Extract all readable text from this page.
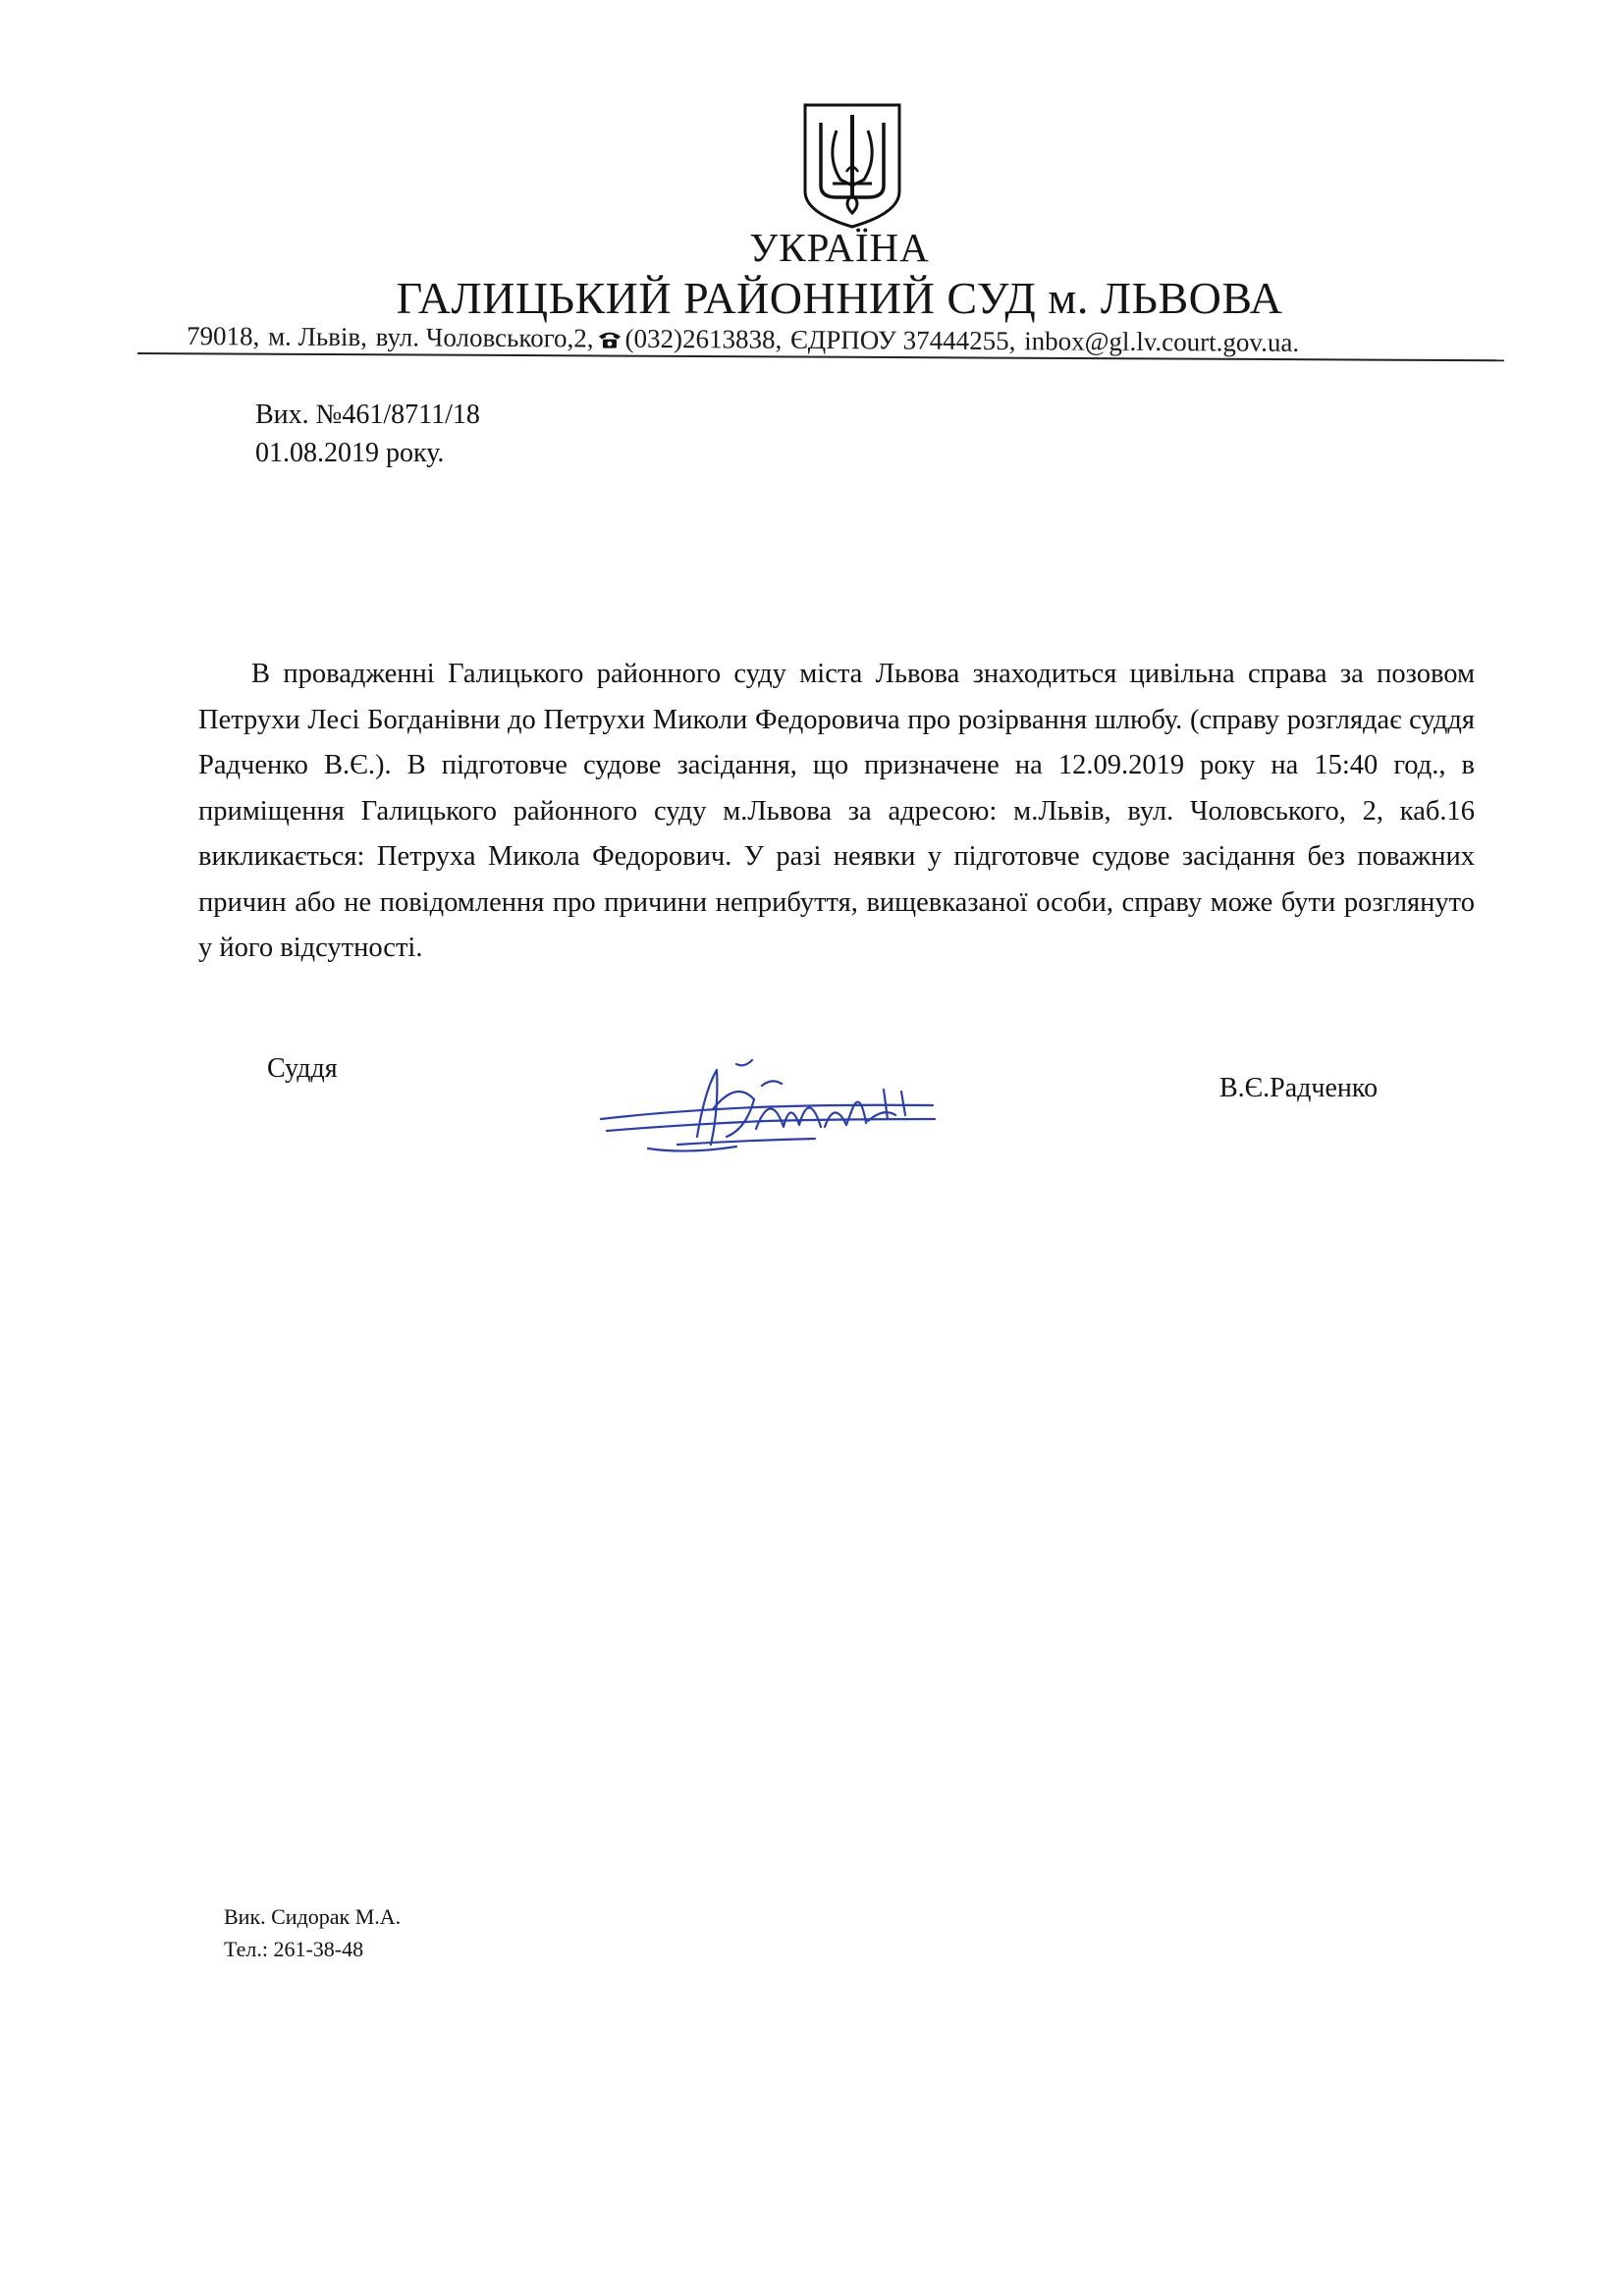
УКРАЇНА
ГАЛИЦЬКИЙ РАЙОННИЙ СУД м. ЛЬВОВА
79018, м. Львів, вул. Чоловського,2, (032)2613838, ЄДРПОУ 37444255, inbox@gl.lv.court.gov.ua.
Вих. №461/8711/18
01.08.2019 року.

В провадженні Галицького районного суду міста Львова знаходиться цивільна справа за позовом Петрухи Лесі Богданівни до Петрухи Миколи Федоровича про розірвання шлюбу. (справу розглядає суддя Радченко В.Є.). В підготовче судове засідання, що призначене на 12.09.2019 року на 15:40 год., в приміщення Галицького районного суду м.Львова за адресою: м.Львів, вул. Чоловського, 2, каб.16 викликається: Петруха Микола Федорович. У разі неявки у підготовче судове засідання без поважних причин або не повідомлення про причини неприбуття, вищевказаної особи, справу може бути розглянуто у його відсутності.

Суддя
В.Є.Радченко
Вик. Сидорак М.А.
Тел.: 261-38-48
